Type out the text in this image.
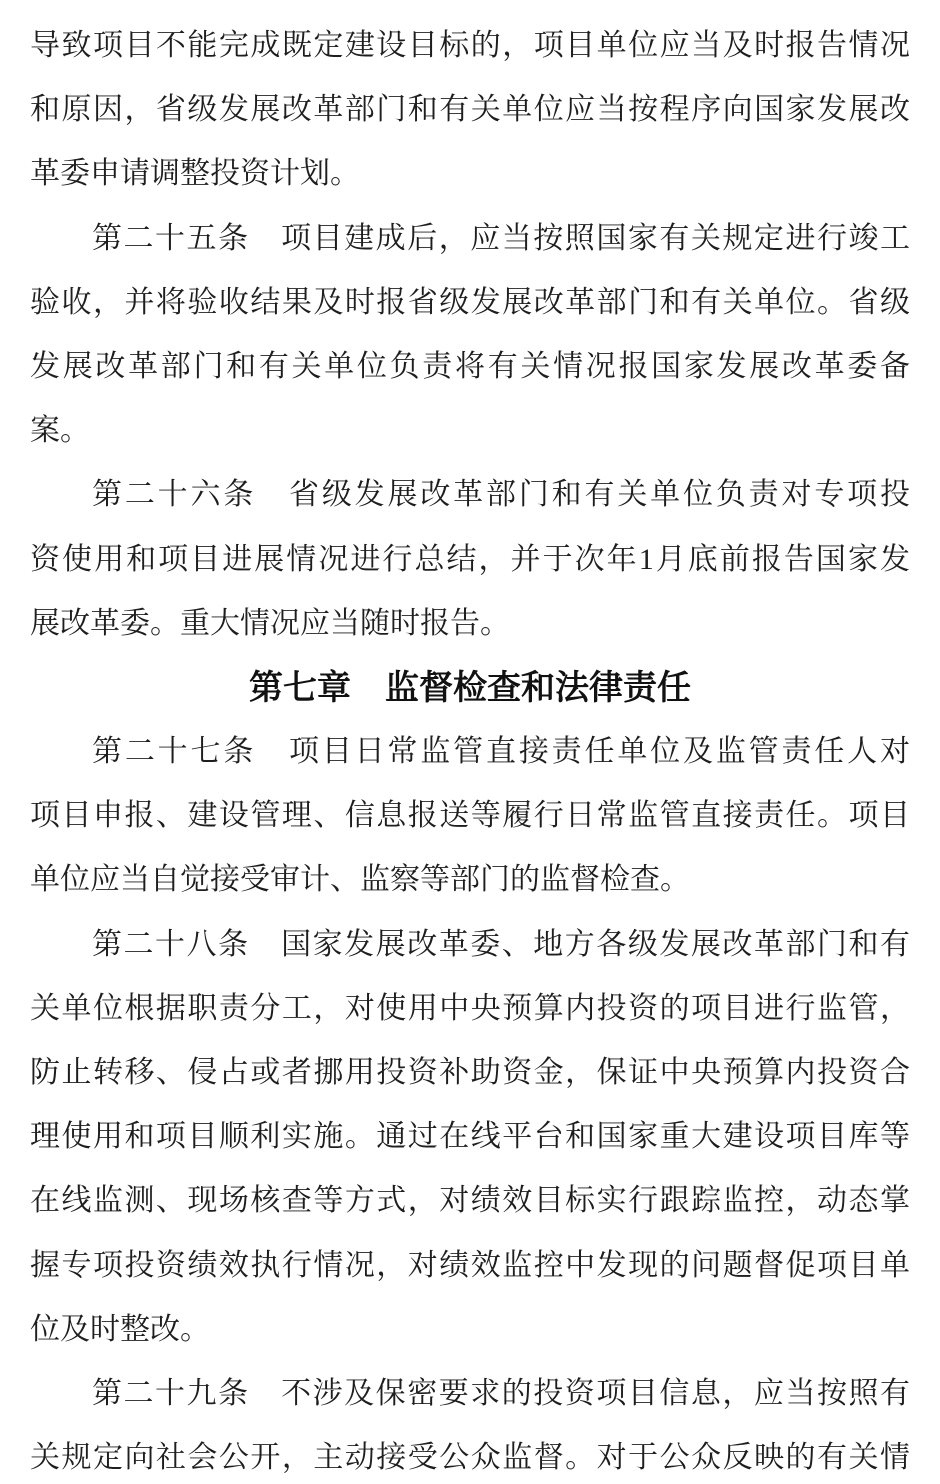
导致项目不能完成既定建设目标的，项目单位应当及时报告情况
和原因，省级发展改革部门和有关单位应当按程序向国家发展改
革委申请调整投资计划。
第二十五条　项目建成后，应当按照国家有关规定进行竣工
验收，并将验收结果及时报省级发展改革部门和有关单位。省级
发展改革部门和有关单位负责将有关情况报国家发展改革委备
案。
第二十六条　省级发展改革部门和有关单位负责对专项投
资使用和项目进展情况进行总结，并于次年1月底前报告国家发
展改革委。重大情况应当随时报告。
第七章　监督检查和法律责任
第二十七条　项目日常监管直接责任单位及监管责任人对
项目申报、建设管理、信息报送等履行日常监管直接责任。项目
单位应当自觉接受审计、监察等部门的监督检查。
第二十八条　国家发展改革委、地方各级发展改革部门和有
关单位根据职责分工，对使用中央预算内投资的项目进行监管，
防止转移、侵占或者挪用投资补助资金，保证中央预算内投资合
理使用和项目顺利实施。通过在线平台和国家重大建设项目库等
在线监测、现场核查等方式，对绩效目标实行跟踪监控，动态掌
握专项投资绩效执行情况，对绩效监控中发现的问题督促项目单
位及时整改。
第二十九条　不涉及保密要求的投资项目信息，应当按照有
关规定向社会公开，主动接受公众监督。对于公众反映的有关情
